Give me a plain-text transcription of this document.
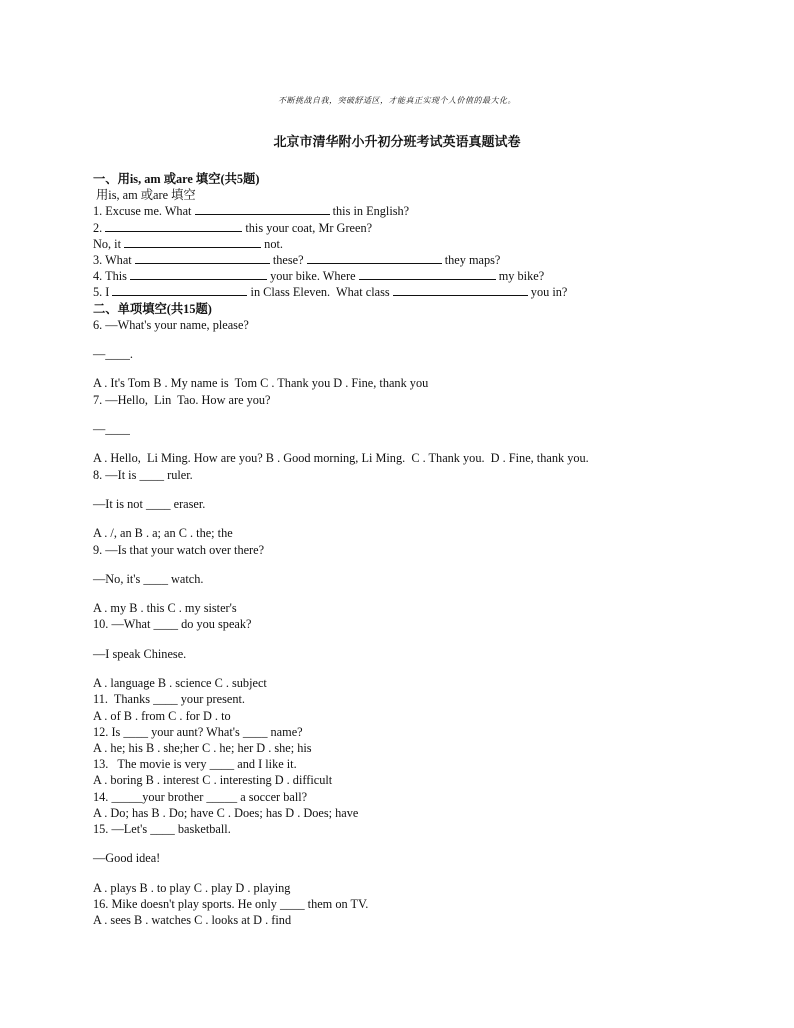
不断挑战自我，突破舒适区，才能真正实现个人价值的最大化。
北京市清华附小升初分班考试英语真题试卷
一、用is, am 或are 填空(共5题)
用is, am 或are 填空
1. Excuse me. What	this in English?
2.	this your coat, Mr Green?
No, it	not.
3. What	these?	they maps?
4. This	your bike. Where	my bike?
5. I	in Class Eleven.  What class	you in?
二、单项填空(共15题)
6. —What's your name, please?
—____.
A . It's Tom B . My name is  Tom C . Thank you D . Fine, thank you
7. —Hello,  Lin  Tao. How are you?
—____
A . Hello,  Li Ming. How are you? B . Good morning, Li Ming.  C . Thank you.  D . Fine, thank you.
8. —It is ____ ruler.
—It is not ____ eraser.
A . /, an B . a; an C . the; the
9. —Is that your watch over there?
—No, it's ____ watch.
A . my B . this C . my sister's
10. —What ____ do you speak?
—I speak Chinese.
A . language B . science C . subject
11.  Thanks ____ your present.
A . of B . from C . for D . to
12. Is ____ your aunt? What's ____ name?
A . he; his B . she;her C . he; her D . she; his
13.   The movie is very ____ and I like it.
A . boring B . interest C . interesting D . difficult
14. _____your brother _____ a soccer ball?
A . Do; has B . Do; have C . Does; has D . Does; have
15. —Let's ____ basketball.
—Good idea!
A . plays B . to play C . play D . playing
16. Mike doesn't play sports. He only ____ them on TV.
A . sees B . watches C . looks at D . find
